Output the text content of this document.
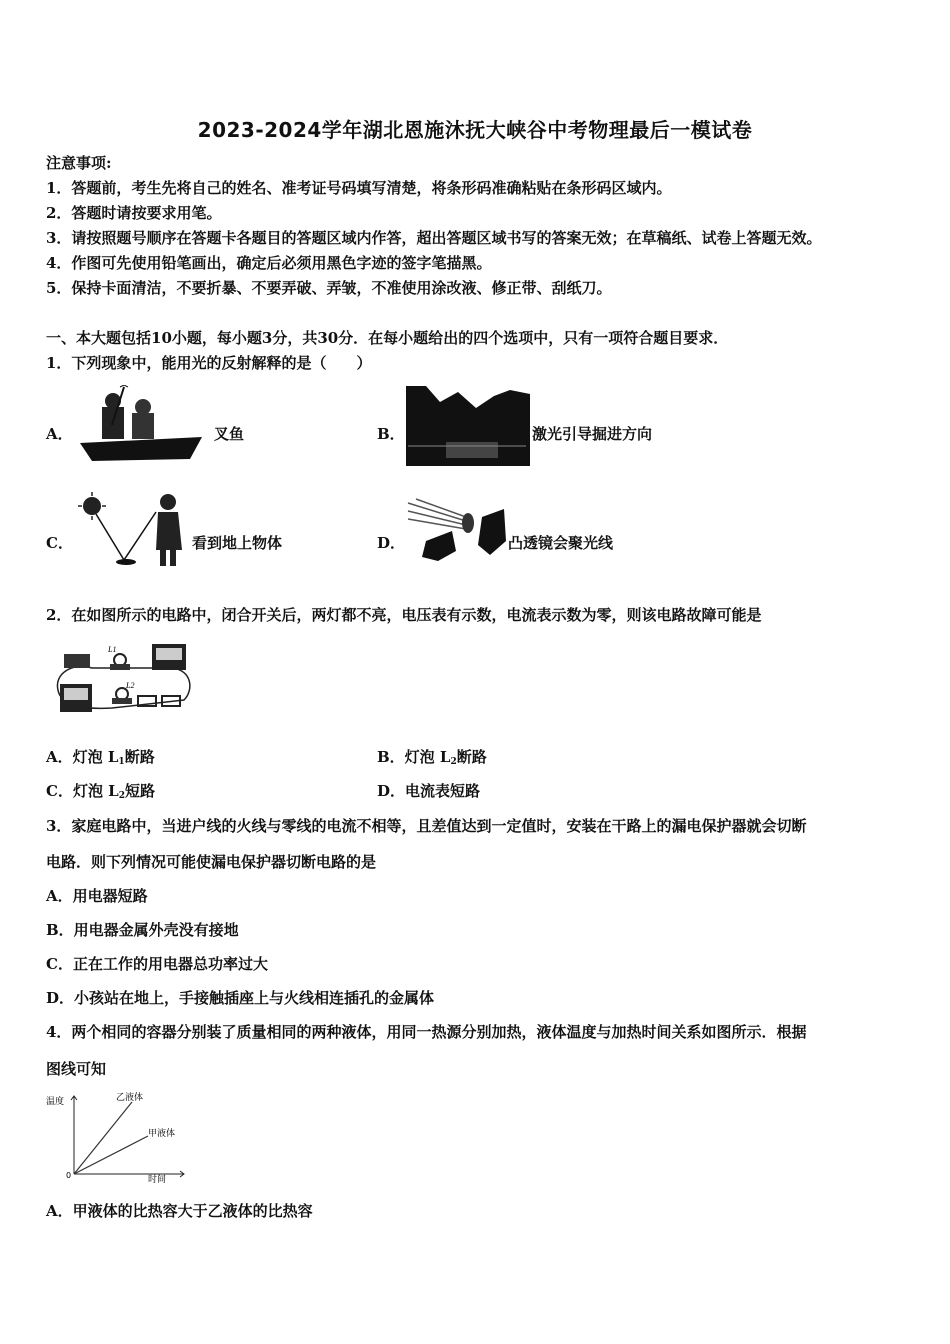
2023-2024学年湖北恩施沐抚大峡谷中考物理最后一模试卷
注意事项:
1．答题前，考生先将自己的姓名、准考证号码填写清楚，将条形码准确粘贴在条形码区域内。
2．答题时请按要求用笔。
3．请按照题号顺序在答题卡各题目的答题区域内作答，超出答题区域书写的答案无效；在草稿纸、试卷上答题无效。
4．作图可先使用铅笔画出，确定后必须用黑色字迹的签字笔描黑。
5．保持卡面清洁，不要折暴、不要弄破、弄皱，不准使用涂改液、修正带、刮纸刀。
一、本大题包括10小题，每小题3分，共30分．在每小题给出的四个选项中，只有一项符合题目要求．
1．下列现象中，能用光的反射解释的是（　　）
A．	叉鱼	B．	激光引导掘进方向
C．	看到地上物体	D．	凸透镜会聚光线
2．在如图所示的电路中，闭合开关后，两灯都不亮，电压表有示数，电流表示数为零，则该电路故障可能是
L1
L2
A．灯泡 $L_1$断路	B．灯泡 $L_2$断路
C．灯泡 $L_2$短路	D．电流表短路
3．家庭电路中，当进户线的火线与零线的电流不相等，且差值达到一定值时，安装在干路上的漏电保护器就会切断
电路．则下列情况可能使漏电保护器切断电路的是
A．用电器短路
B．用电器金属外壳没有接地
C．正在工作的用电器总功率过大
D．小孩站在地上，手接触插座上与火线相连插孔的金属体
4．两个相同的容器分别装了质量相同的两种液体，用同一热源分别加热，液体温度与加热时间关系如图所示．根据
图线可知
温度
时间
0
乙液体
甲液体
A．甲液体的比热容大于乙液体的比热容
